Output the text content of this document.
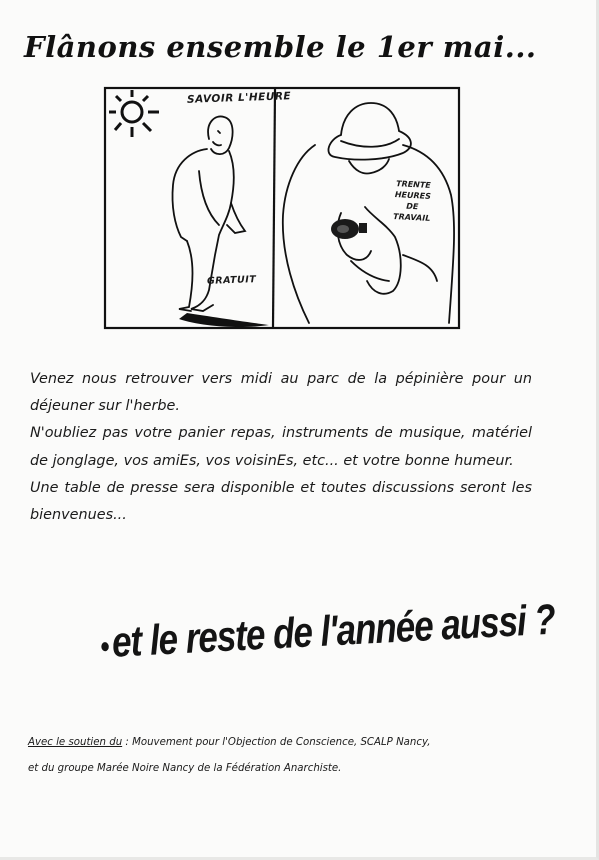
Flânons ensemble le 1er mai...
SAVOIR L'HEURE
GRATUIT
TRENTE
HEURES
DE
TRAVAIL

Venez nous retrouver vers midi au parc de la pépinière pour un déjeuner sur l'herbe.

N'oubliez pas votre panier repas, instruments de musique, matériel de jonglage, vos amiEs, vos voisinEs, etc... et votre bonne humeur.

Une table de presse sera disponible et toutes discussions seront les bienvenues...

•et le reste de l'année aussi ?

Avec le soutien du : Mouvement pour l'Objection de Conscience, SCALP Nancy,

et du groupe Marée Noire Nancy de la Fédération Anarchiste.
